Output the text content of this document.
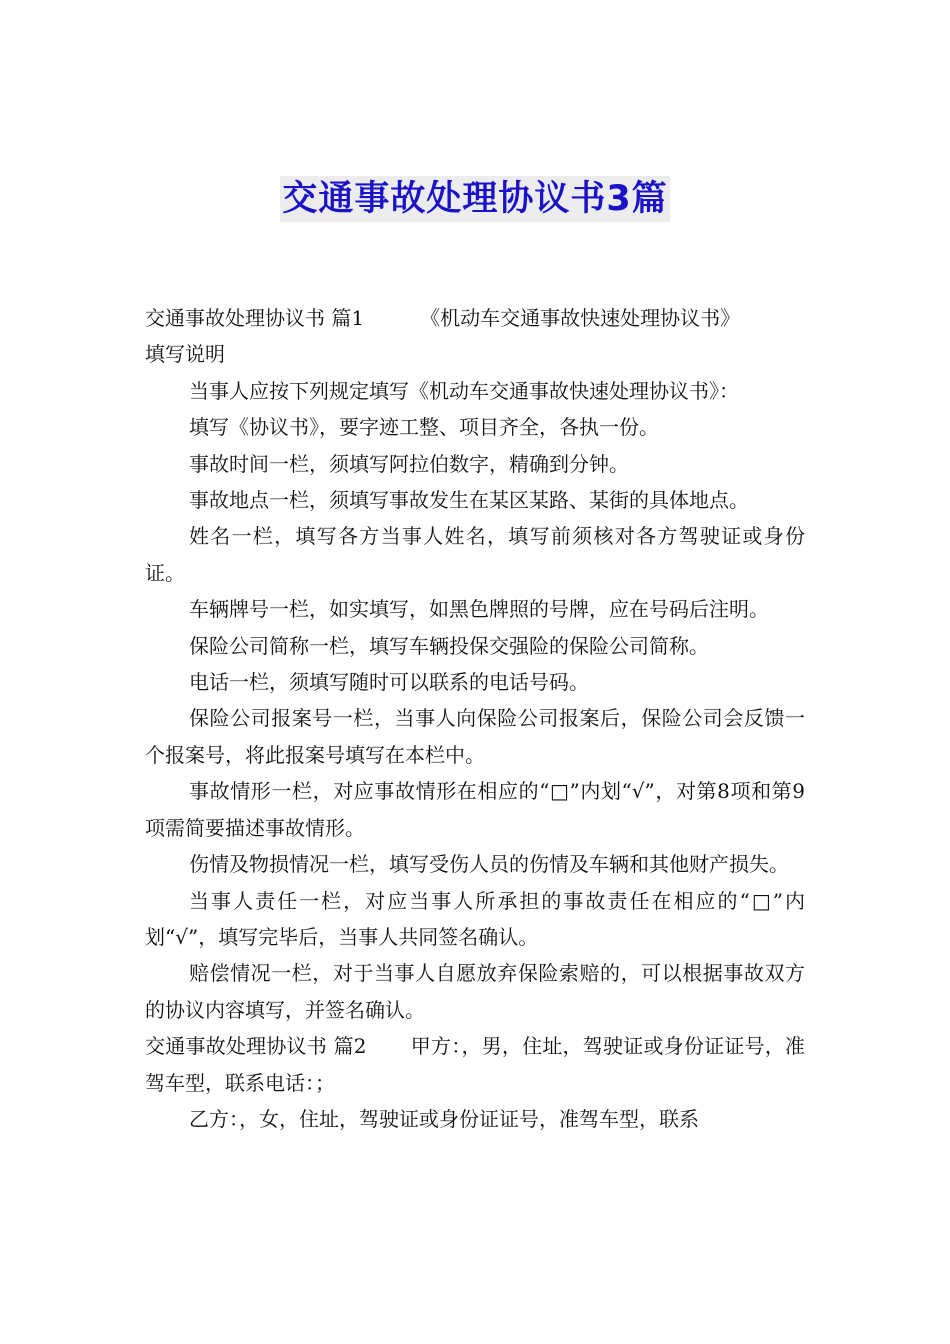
交通事故处理协议书3篇

交通事故处理协议书 篇1	《机动车交通事故快速处理协议书》

填写说明

当事人应按下列规定填写《机动车交通事故快速处理协议书》：

填写《协议书》，要字迹工整、项目齐全，各执一份。

事故时间一栏，须填写阿拉伯数字，精确到分钟。

事故地点一栏，须填写事故发生在某区某路、某街的具体地点。

姓名一栏，填写各方当事人姓名，填写前须核对各方驾驶证或身份证。

车辆牌号一栏，如实填写，如黑色牌照的号牌，应在号码后注明。

保险公司简称一栏，填写车辆投保交强险的保险公司简称。

电话一栏，须填写随时可以联系的电话号码。

保险公司报案号一栏，当事人向保险公司报案后，保险公司会反馈一个报案号，将此报案号填写在本栏中。

事故情形一栏，对应事故情形在相应的“□”内划“√”，对第8项和第9项需简要描述事故情形。

伤情及物损情况一栏，填写受伤人员的伤情及车辆和其他财产损失。

当事人责任一栏，对应当事人所承担的事故责任在相应的“□”内划“√”，填写完毕后，当事人共同签名确认。

赔偿情况一栏，对于当事人自愿放弃保险索赔的，可以根据事故双方的协议内容填写，并签名确认。

交通事故处理协议书 篇2 甲方：，男，住址，驾驶证或身份证证号，准驾车型，联系电话：；

乙方：，女，住址，驾驶证或身份证证号，准驾车型，联系
